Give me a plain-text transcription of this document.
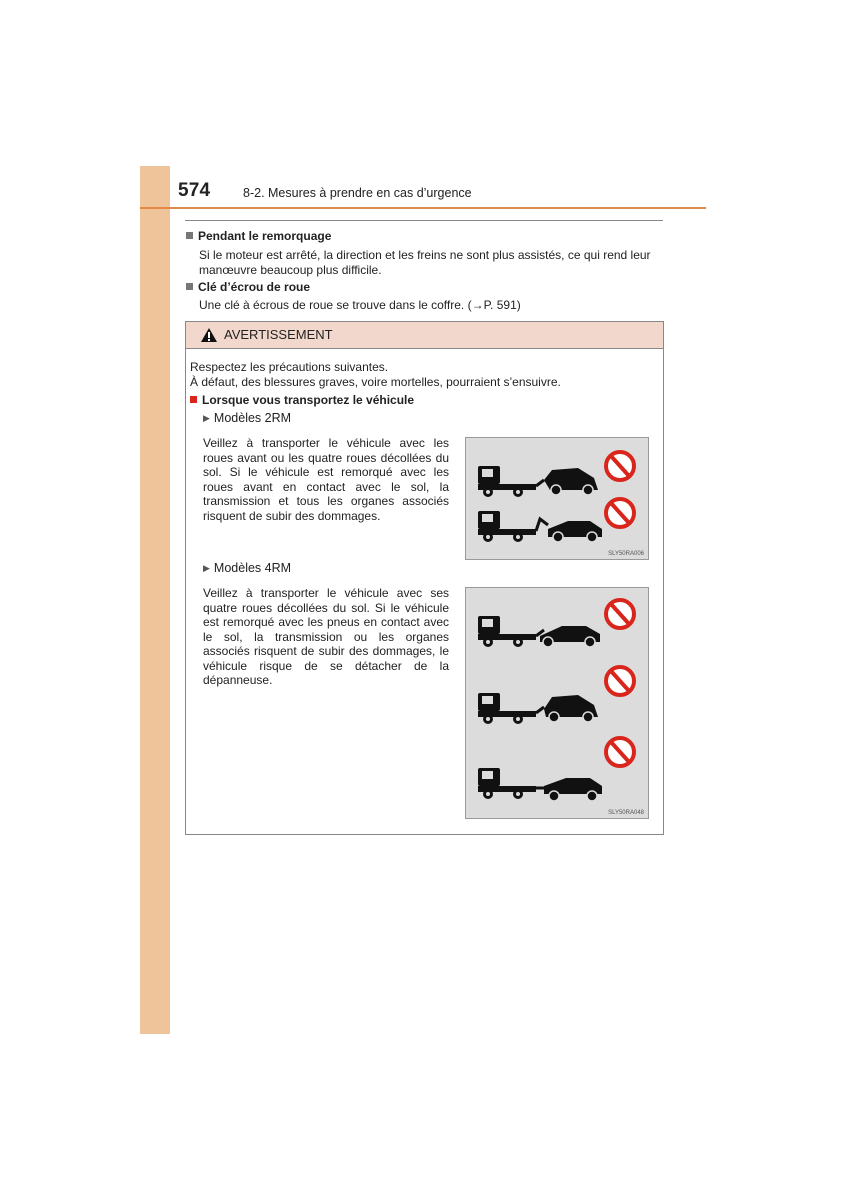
574	8-2. Mesures à prendre en cas d’urgence
Pendant le remorquage
Si le moteur est arrêté, la direction et les freins ne sont plus assistés, ce qui rend leur
manœuvre beaucoup plus difficile.
Clé d’écrou de roue
Une clé à écrous de roue se trouve dans le coffre. (→P. 591)
AVERTISSEMENT
Respectez les précautions suivantes.
À défaut, des blessures graves, voire mortelles, pourraient s’ensuivre.
Lorsque vous transportez le véhicule
▶ Modèles 2RM
Veillez à transporter le véhicule avec les roues avant ou les quatre roues décollées du sol. Si le véhicule est remorqué avec les roues avant en contact avec le sol, la transmission et tous les organes associés risquent de subir des dommages.
SLY50RA006
▶ Modèles 4RM
Veillez à transporter le véhicule avec ses quatre roues décollées du sol. Si le véhicule est remorqué avec les pneus en contact avec le sol, la transmission ou les organes associés risquent de subir des dommages, le véhicule risque de se détacher de la dépanneuse.
SLY50RA048
